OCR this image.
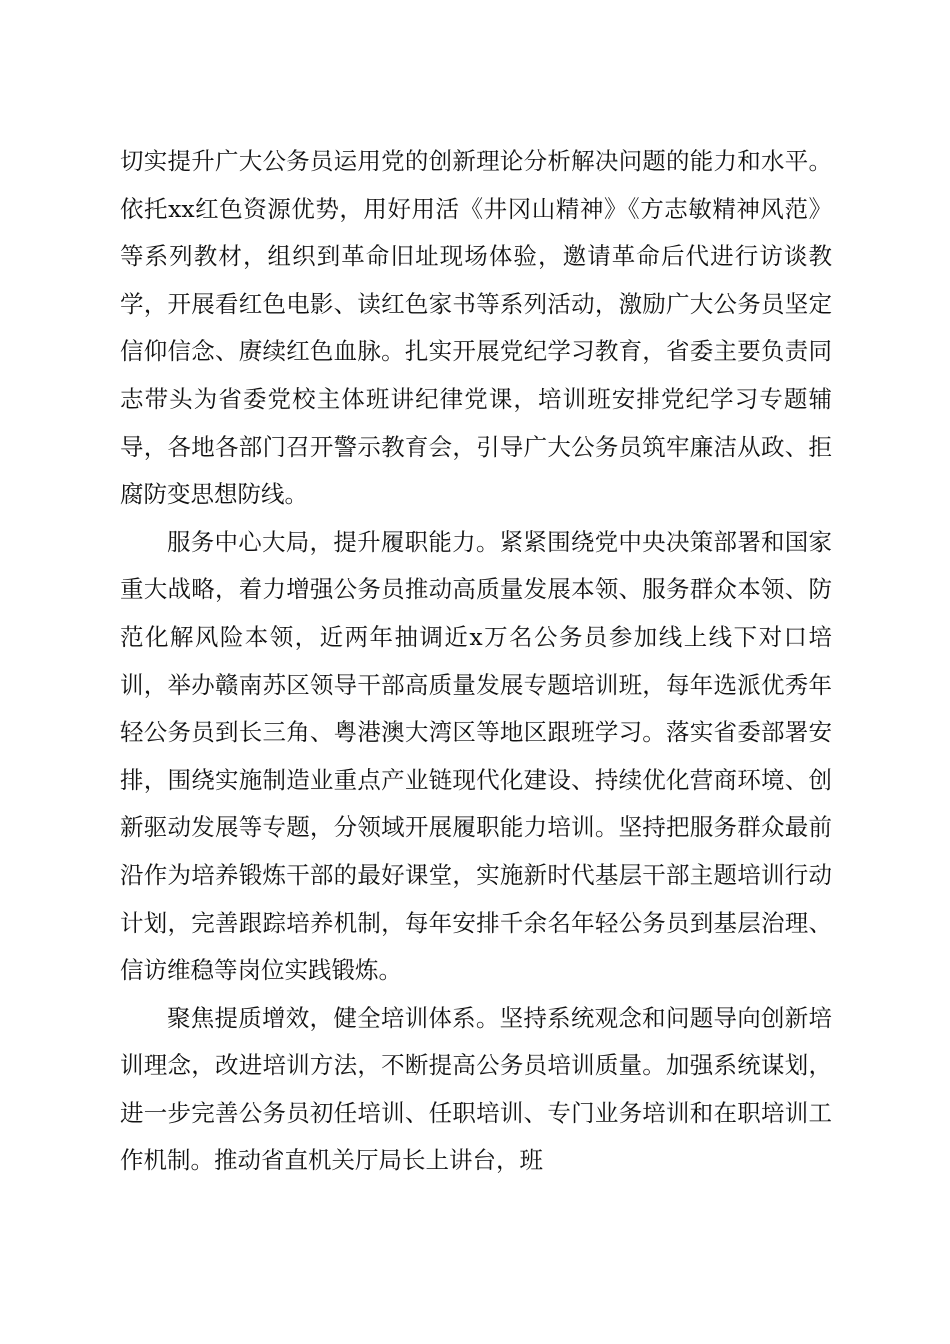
切实提升广大公务员运用党的创新理论分析解决问题的能力和水平。依托xx红色资源优势，用好用活《井冈山精神》《方志敏精神风范》等系列教材，组织到革命旧址现场体验，邀请革命后代进行访谈教学，开展看红色电影、读红色家书等系列活动，激励广大公务员坚定信仰信念、赓续红色血脉。扎实开展党纪学习教育，省委主要负责同志带头为省委党校主体班讲纪律党课，培训班安排党纪学习专题辅导，各地各部门召开警示教育会，引导广大公务员筑牢廉洁从政、拒腐防变思想防线。

服务中心大局，提升履职能力。紧紧围绕党中央决策部署和国家重大战略，着力增强公务员推动高质量发展本领、服务群众本领、防范化解风险本领，近两年抽调近x万名公务员参加线上线下对口培训，举办赣南苏区领导干部高质量发展专题培训班，每年选派优秀年轻公务员到长三角、粤港澳大湾区等地区跟班学习。落实省委部署安排，围绕实施制造业重点产业链现代化建设、持续优化营商环境、创新驱动发展等专题，分领域开展履职能力培训。坚持把服务群众最前沿作为培养锻炼干部的最好课堂，实施新时代基层干部主题培训行动计划，完善跟踪培养机制，每年安排千余名年轻公务员到基层治理、信访维稳等岗位实践锻炼。

聚焦提质增效，健全培训体系。坚持系统观念和问题导向创新培训理念，改进培训方法，不断提高公务员培训质量。加强系统谋划，进一步完善公务员初任培训、任职培训、专门业务培训和在职培训工作机制。推动省直机关厅局长上讲台，班
